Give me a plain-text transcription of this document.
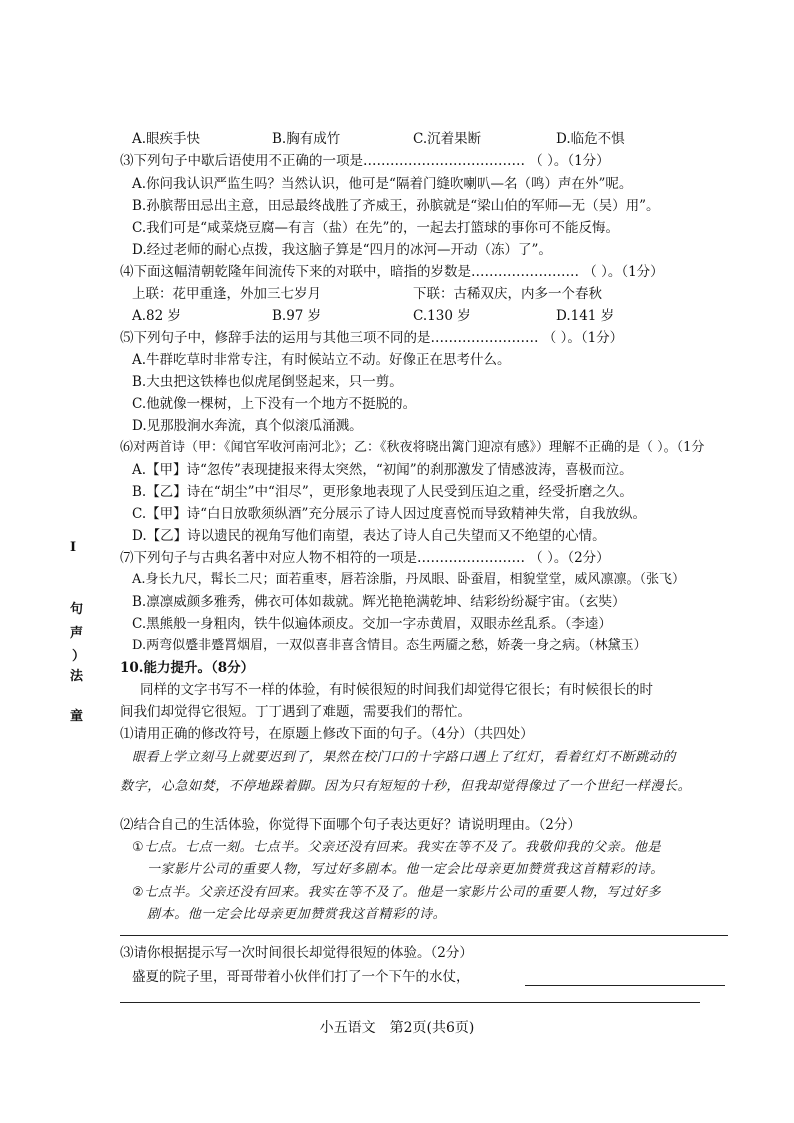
A.眼疾手快	B.胸有成竹	C.沉着果断	D.临危不惧
⑶下列句子中歇后语使用不正确的一项是……………………………… （ ）。（1分）
A.你问我认识严监生吗？当然认识，他可是“隔着门缝吹喇叭—名（鸣）声在外”呢。
B.孙膑帮田忌出主意，田忌最终战胜了齐威王，孙膑就是“梁山伯的军师—无（吴）用”。
C.我们可是“咸菜烧豆腐—有言（盐）在先”的，一起去打篮球的事你可不能反悔。
D.经过老师的耐心点拨，我这脑子算是“四月的冰河—开动（冻）了”。
⑷下面这幅清朝乾隆年间流传下来的对联中，暗指的岁数是…………………… （ ）。（1分）
上联：花甲重逢，外加三七岁月	下联：古稀双庆，内多一个春秋
A.82 岁	B.97 岁	C.130 岁	D.141 岁
⑸下列句子中，修辞手法的运用与其他三项不同的是…………………… （ ）。（1分）
A.牛群吃草时非常专注，有时候站立不动。好像正在思考什么。
B.大虫把这铁棒也似虎尾倒竖起来，只一剪。
C.他就像一棵树，上下没有一个地方不挺脱的。
D.见那股涧水奔流，真个似滚瓜涌溅。
⑹对两首诗（甲：《闻官军收河南河北》；乙：《秋夜将晓出篱门迎凉有感》）理解不正确的是（ ）。（1分
A.【甲】诗“忽传”表现捷报来得太突然，“初闻”的刹那激发了情感波涛，喜极而泣。
B.【乙】诗在“胡尘”中“泪尽”，更形象地表现了人民受到压迫之重，经受折磨之久。
C.【甲】诗“白日放歌须纵酒”充分展示了诗人因过度喜悦而导致精神失常，自我放纵。
D.【乙】诗以遗民的视角写他们南望，表达了诗人自己失望而又不绝望的心情。
⑺下列句子与古典名著中对应人物不相符的一项是…………………… （ ）。（2分）
A.身长九尺，髯长二尺；面若重枣，唇若涂脂，丹凤眼、卧蚕眉，相貌堂堂，威风凛凛。（张飞）
B.凛凛威颜多雅秀，佛衣可体如裁就。辉光艳艳满乾坤、结彩纷纷凝宇宙。（玄奘）
C.黑熊般一身粗肉，铁牛似遍体顽皮。交加一字赤黄眉，双眼赤丝乱系。（李逵）
D.两弯似蹙非蹙罥烟眉，一双似喜非喜含情目。态生两靥之愁，娇袭一身之病。（林黛玉）
10.能力提升。（8分）
同样的文字书写不一样的体验，有时候很短的时间我们却觉得它很长；有时候很长的时
间我们却觉得它很短。丁丁遇到了难题，需要我们的帮忙。
⑴请用正确的修改符号，在原题上修改下面的句子。（4分）（共四处）
眼看上学立刻马上就要迟到了，果然在校门口的十字路口遇上了红灯，看着红灯不断跳动的
数字，心急如焚，不停地跺着脚。因为只有短短的十秒，但我却觉得像过了一个世纪一样漫长。
⑵结合自己的生活体验，你觉得下面哪个句子表达更好？请说明理由。（2分）
①七点。七点一刻。七点半。父亲还没有回来。我实在等不及了。我敬仰我的父亲。他是
一家影片公司的重要人物，写过好多剧本。他一定会比母亲更加赞赏我这首精彩的诗。
②七点半。父亲还没有回来。我实在等不及了。他是一家影片公司的重要人物，写过好多
剧本。他一定会比母亲更加赞赏我这首精彩的诗。
⑶请你根据提示写一次时间很长却觉得很短的体验。（2分）
盛夏的院子里，哥哥带着小伙伴们打了一个下午的水仗，
I
句
声
）
法
童
小五语文　第2页(共6页)
